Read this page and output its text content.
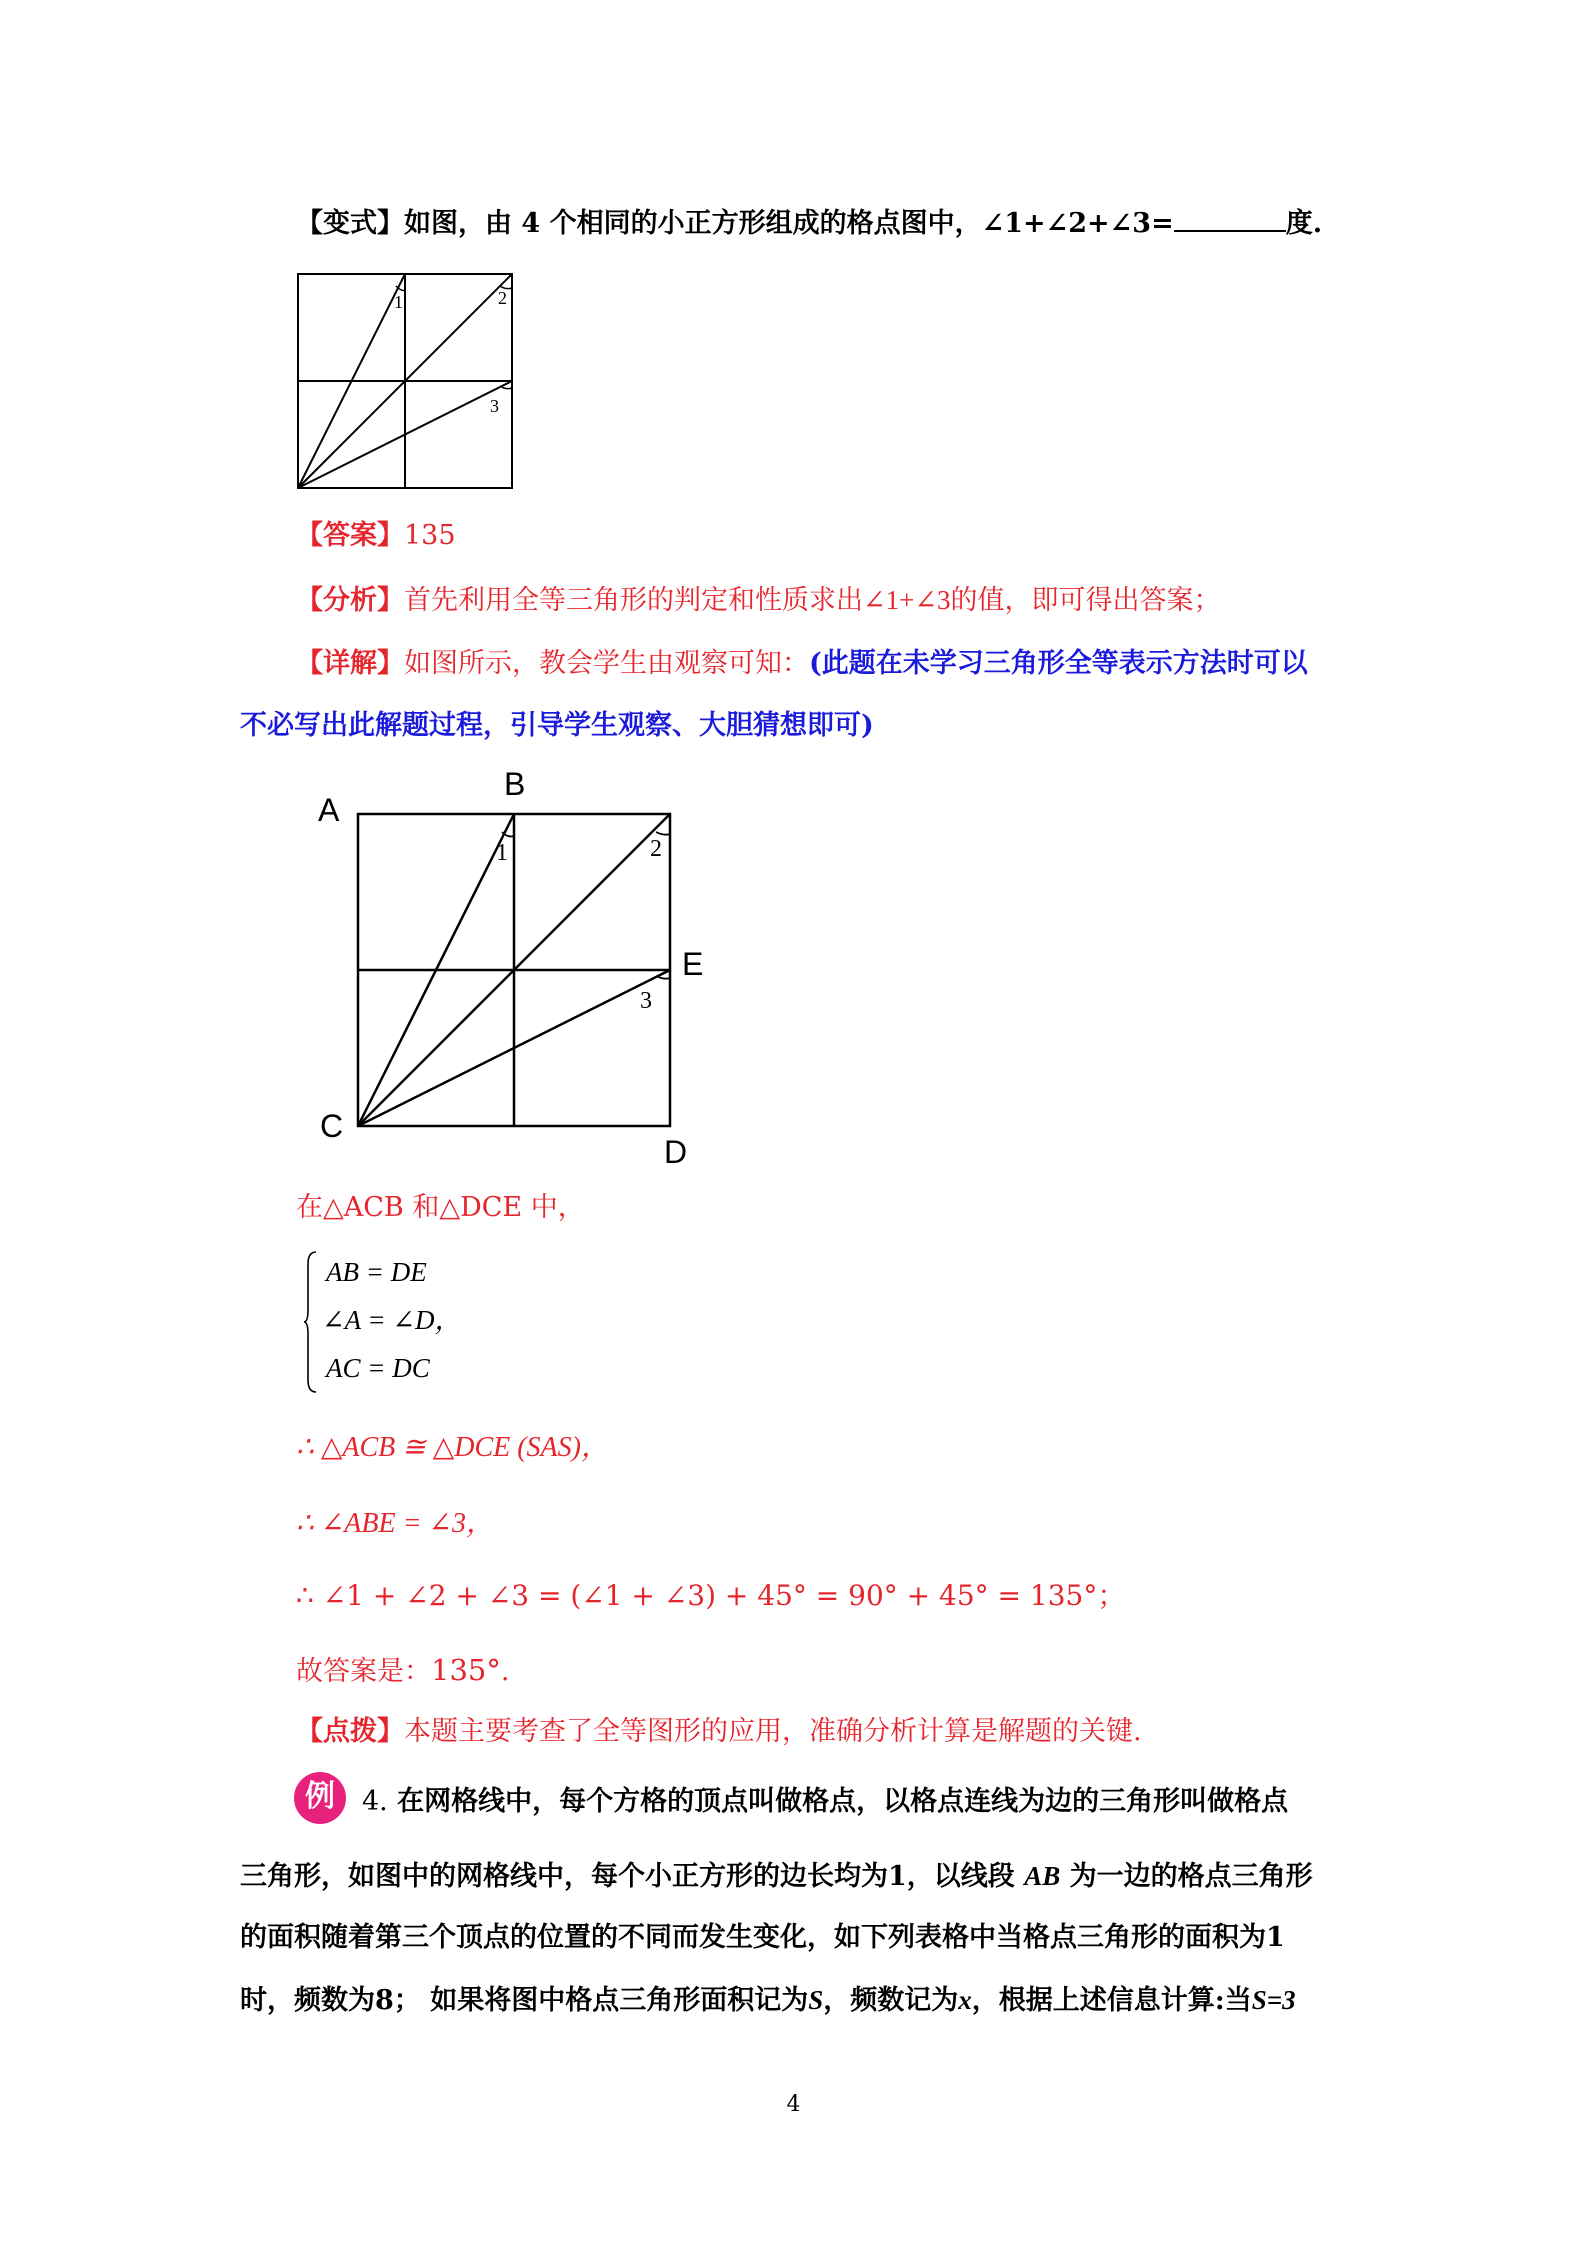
【变式】如图，由 4 个相同的小正方形组成的格点图中，∠1+∠2+∠3=	度.
1	2
3
【答案】135
【分析】首先利用全等三角形的判定和性质求出∠1+∠3的值，即可得出答案；
【详解】如图所示，教会学生由观察可知：(此题在未学习三角形全等表示方法时可以
不必写出此解题过程，引导学生观察、大胆猜想即可)
A
B
C
D
E
1	2
3
在△ACB 和△DCE 中，
AB = DE
∠A = ∠D，
AC = DC
∴ △ACB ≅ △DCE (SAS)，
∴ ∠ABE = ∠3，
∴ ∠1 + ∠2 + ∠3 = (∠1 + ∠3) + 45° = 90° + 45° = 135°；
故答案是：135°.
【点拨】本题主要考查了全等图形的应用，准确分析计算是解题的关键.
例	4. 在网格线中，每个方格的顶点叫做格点，以格点连线为边的三角形叫做格点
三角形，如图中的网格线中，每个小正方形的边长均为1，以线段 AB 为一边的格点三角形
的面积随着第三个顶点的位置的不同而发生变化，如下列表格中当格点三角形的面积为1
时，频数为8； 如果将图中格点三角形面积记为S，频数记为x，根据上述信息计算:当S=3
4
